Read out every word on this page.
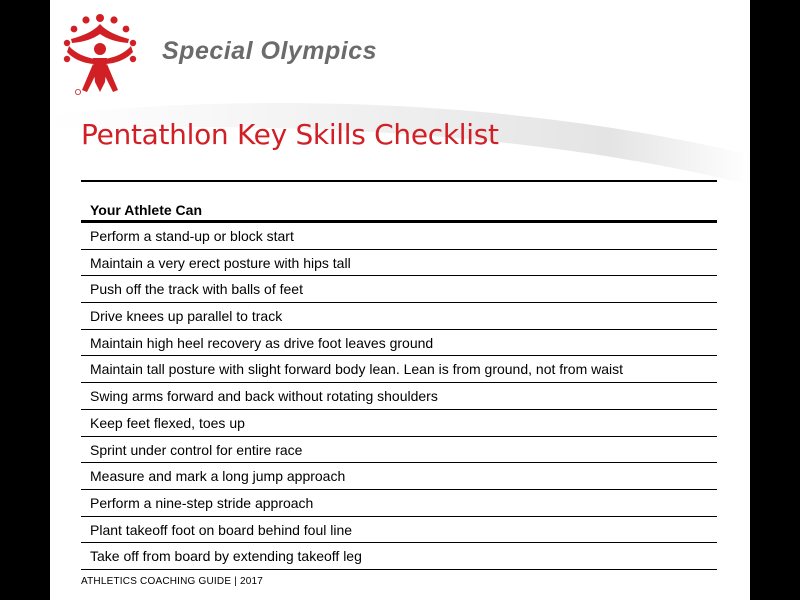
Special Olympics
Pentathlon Key Skills Checklist
Your Athlete Can
Perform a stand-up or block start
Maintain a very erect posture with hips tall
Push off the track with balls of feet
Drive knees up parallel to track
Maintain high heel recovery as drive foot leaves ground
Maintain tall posture with slight forward body lean. Lean is from ground, not from waist
Swing arms forward and back without rotating shoulders
Keep feet flexed, toes up
Sprint under control for entire race
Measure and mark a long jump approach
Perform a nine-step stride approach
Plant takeoff foot on board behind foul line
Take off from board by extending takeoff leg
ATHLETICS COACHING GUIDE | 2017
